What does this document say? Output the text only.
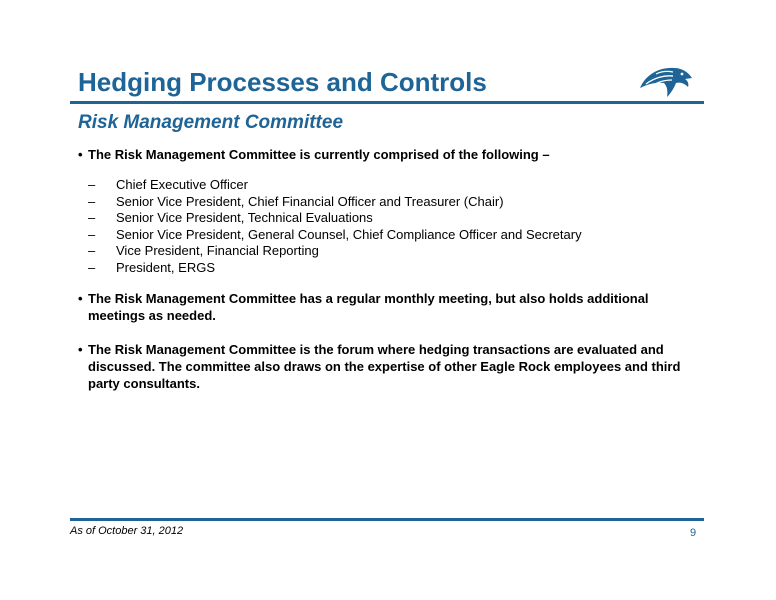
Hedging Processes and Controls
Risk Management Committee
• The Risk Management Committee is currently comprised of the following –
– Chief Executive Officer
– Senior Vice President, Chief Financial Officer and Treasurer (Chair)
– Senior Vice President, Technical Evaluations
– Senior Vice President, General Counsel, Chief Compliance Officer and Secretary
– Vice President, Financial Reporting
– President, ERGS
• The Risk Management Committee has a regular monthly meeting, but also holds additional meetings as needed.
• The Risk Management Committee is the forum where hedging transactions are evaluated and discussed. The committee also draws on the expertise of other Eagle Rock employees and third party consultants.
As of October 31, 2012	9
